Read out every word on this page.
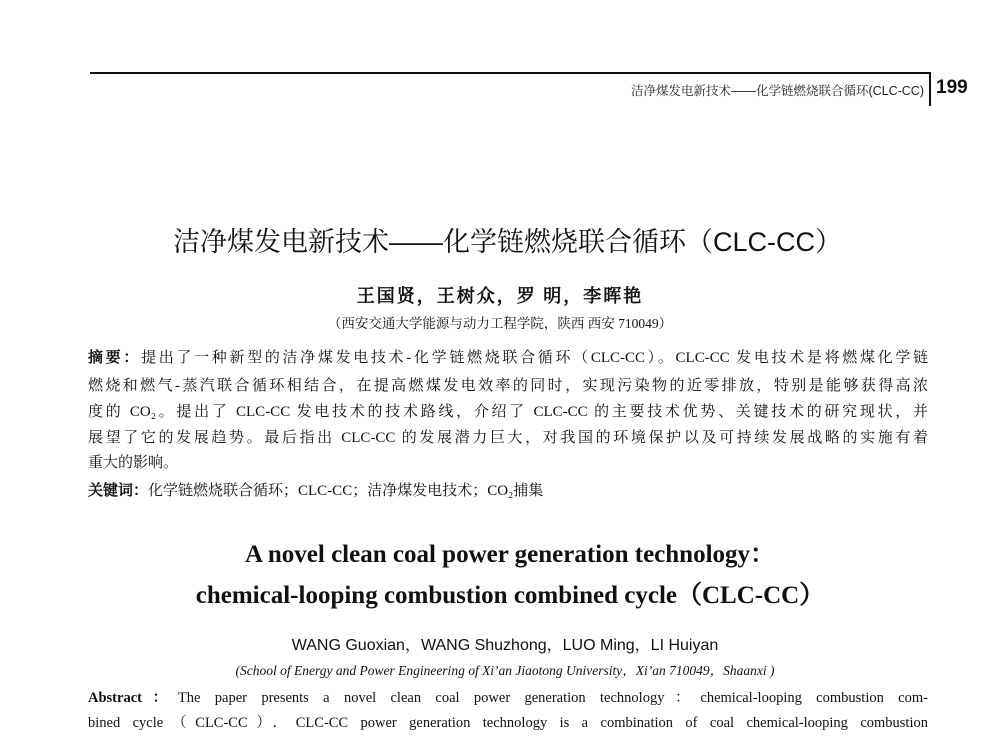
洁净煤发电新技术——化学链燃烧联合循环(CLC-CC) 199
洁净煤发电新技术——化学链燃烧联合循环（CLC-CC）
王国贤，王树众，罗 明，李晖艳
（西安交通大学能源与动力工程学院，陕西 西安 710049）
摘要：提出了一种新型的洁净煤发电技术-化学链燃烧联合循环（CLC-CC）。CLC-CC 发电技术是将燃煤化学链
燃烧和燃气-蒸汽联合循环相结合，在提高燃煤发电效率的同时，实现污染物的近零排放，特别是能够获得高浓
度的 CO₂。提出了 CLC-CC 发电技术的技术路线，介绍了 CLC-CC 的主要技术优势、关键技术的研究现状，并
展望了它的发展趋势。最后指出 CLC-CC 的发展潜力巨大，对我国的环境保护以及可持续发展战略的实施有着
重大的影响。
关键词：化学链燃烧联合循环；CLC-CC；洁净煤发电技术；CO₂捕集
A novel clean coal power generation technology：
chemical-looping combustion combined cycle（CLC-CC）
WANG Guoxian，WANG Shuzhong，LUO Ming，LI Huiyan
(School of Energy and Power Engineering of Xi’an Jiaotong University，Xi’an 710049，Shaanxi )
Abstract：The paper presents a novel clean coal power generation technology：chemical-looping combustion com-
bined cycle（CLC-CC）．CLC-CC power generation technology is a combination of coal chemical-looping combustion
